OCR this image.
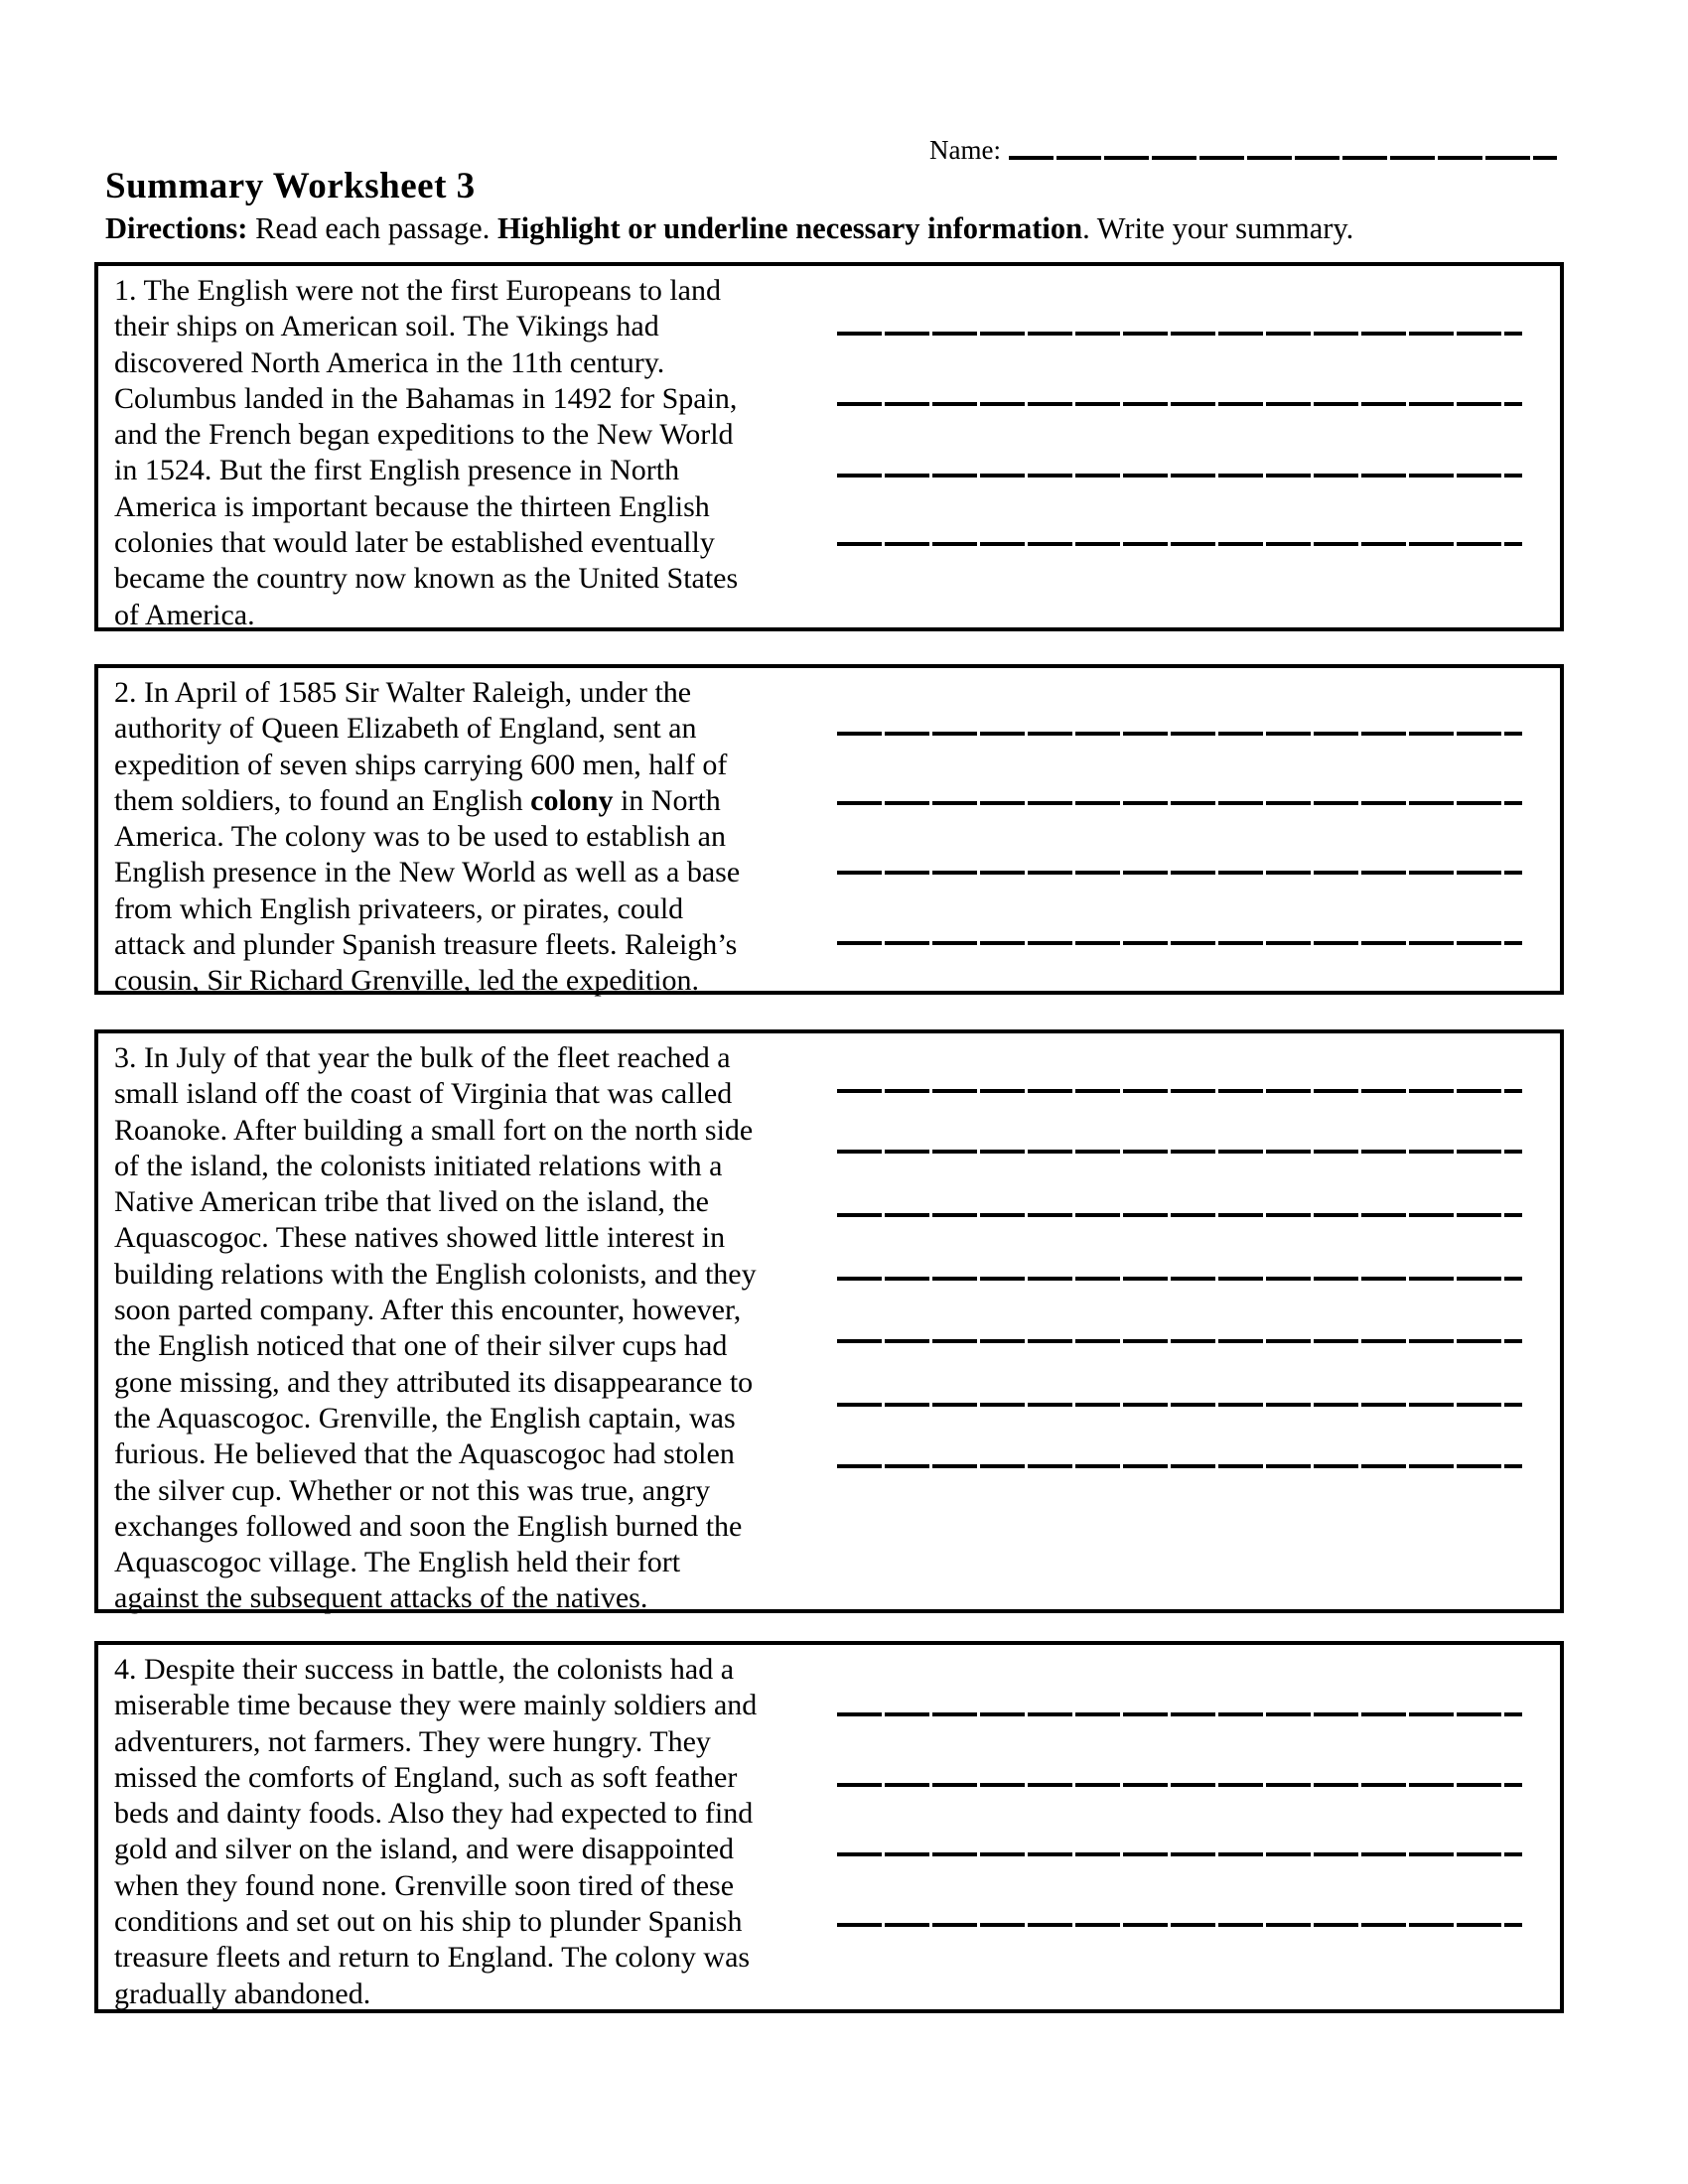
Name:
Summary Worksheet 3
Directions: Read each passage. Highlight or underline necessary information. Write your summary.
1. The English were not the first Europeans to land
their ships on American soil. The Vikings had
discovered North America in the 11th century.
Columbus landed in the Bahamas in 1492 for Spain,
and the French began expeditions to the New World
in 1524. But the first English presence in North
America is important because the thirteen English
colonies that would later be established eventually
became the country now known as the United States
of America.
2. In April of 1585 Sir Walter Raleigh, under the
authority of Queen Elizabeth of England, sent an
expedition of seven ships carrying 600 men, half of
them soldiers, to found an English colony in North
America. The colony was to be used to establish an
English presence in the New World as well as a base
from which English privateers, or pirates, could
attack and plunder Spanish treasure fleets. Raleigh’s
cousin, Sir Richard Grenville, led the expedition.
3. In July of that year the bulk of the fleet reached a
small island off the coast of Virginia that was called
Roanoke. After building a small fort on the north side
of the island, the colonists initiated relations with a
Native American tribe that lived on the island, the
Aquascogoc. These natives showed little interest in
building relations with the English colonists, and they
soon parted company. After this encounter, however,
the English noticed that one of their silver cups had
gone missing, and they attributed its disappearance to
the Aquascogoc. Grenville, the English captain, was
furious. He believed that the Aquascogoc had stolen
the silver cup. Whether or not this was true, angry
exchanges followed and soon the English burned the
Aquascogoc village. The English held their fort
against the subsequent attacks of the natives.
4. Despite their success in battle, the colonists had a
miserable time because they were mainly soldiers and
adventurers, not farmers. They were hungry. They
missed the comforts of England, such as soft feather
beds and dainty foods. Also they had expected to find
gold and silver on the island, and were disappointed
when they found none. Grenville soon tired of these
conditions and set out on his ship to plunder Spanish
treasure fleets and return to England. The colony was
gradually abandoned.
